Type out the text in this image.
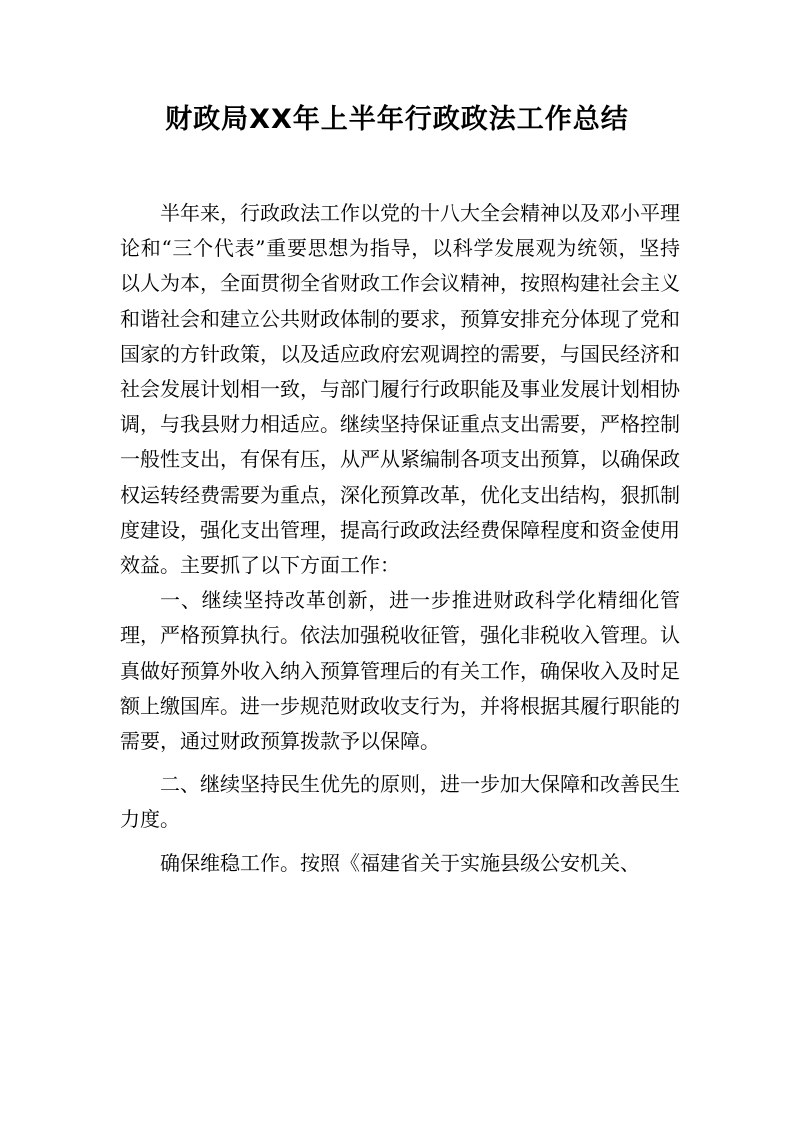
财政局XX年上半年行政政法工作总结

半年来，行政政法工作以党的十八大全会精神以及邓小平理论和“三个代表”重要思想为指导，以科学发展观为统领，坚持以人为本，全面贯彻全省财政工作会议精神，按照构建社会主义和谐社会和建立公共财政体制的要求，预算安排充分体现了党和国家的方针政策，以及适应政府宏观调控的需要，与国民经济和社会发展计划相一致，与部门履行行政职能及事业发展计划相协调，与我县财力相适应。继续坚持保证重点支出需要，严格控制一般性支出，有保有压，从严从紧编制各项支出预算，以确保政权运转经费需要为重点，深化预算改革，优化支出结构，狠抓制度建设，强化支出管理，提高行政政法经费保障程度和资金使用效益。主要抓了以下方面工作：

一、继续坚持改革创新，进一步推进财政科学化精细化管理，严格预算执行。依法加强税收征管，强化非税收入管理。认真做好预算外收入纳入预算管理后的有关工作，确保收入及时足额上缴国库。进一步规范财政收支行为，并将根据其履行职能的需要，通过财政预算拨款予以保障。

二、继续坚持民生优先的原则，进一步加大保障和改善民生力度。

确保维稳工作。按照《福建省关于实施县级公安机关、
